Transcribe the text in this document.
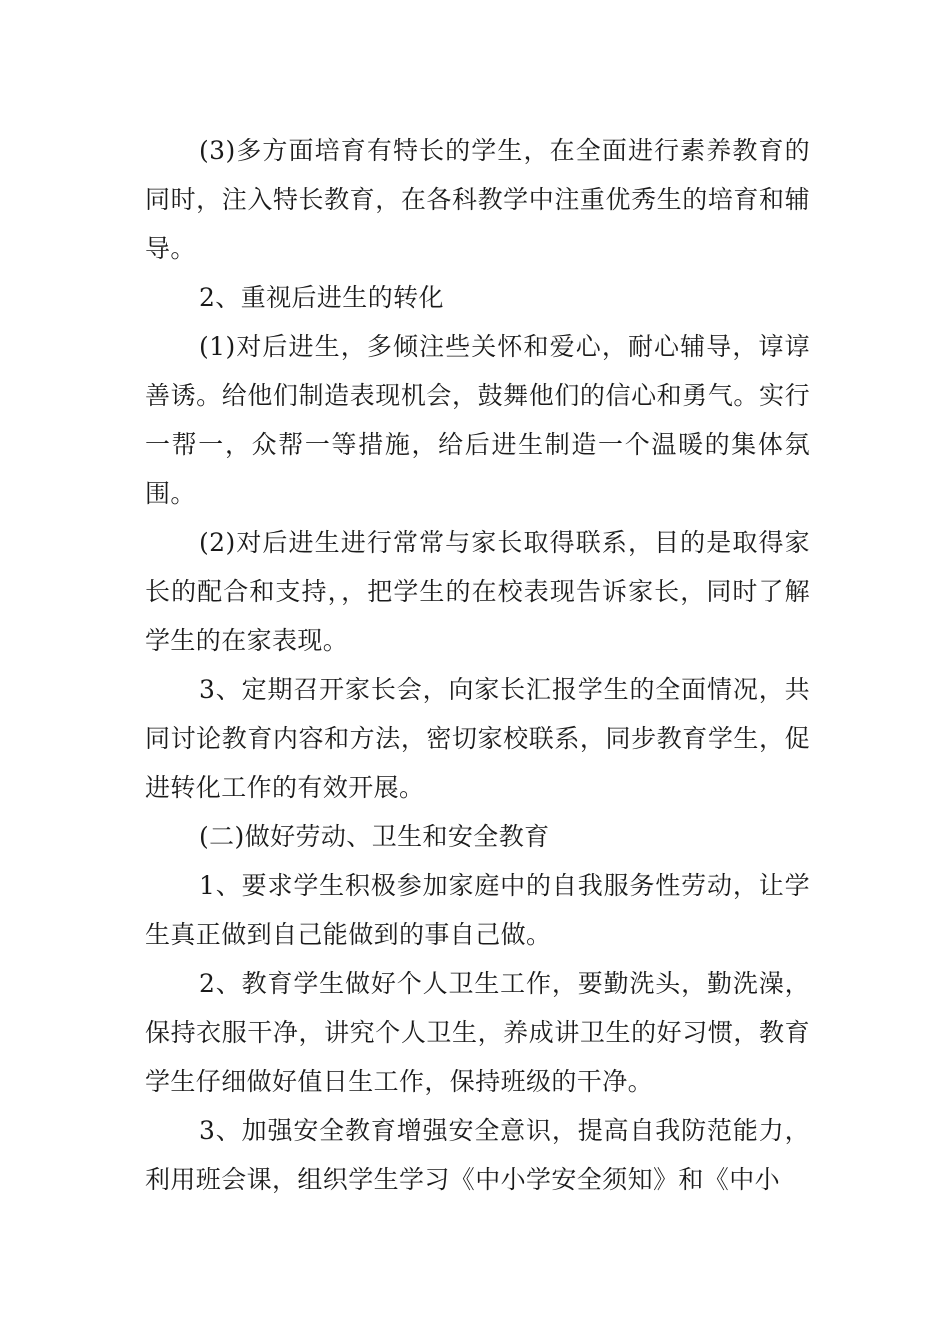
(3)多方面培育有特长的学生，在全面进行素养教育的同时，注入特长教育，在各科教学中注重优秀生的培育和辅导。

2、重视后进生的转化

(1)对后进生，多倾注些关怀和爱心，耐心辅导，谆谆善诱。给他们制造表现机会，鼓舞他们的信心和勇气。实行一帮一，众帮一等措施，给后进生制造一个温暖的集体氛围。

(2)对后进生进行常常与家长取得联系，目的是取得家长的配合和支持，，把学生的在校表现告诉家长，同时了解学生的在家表现。

3、定期召开家长会，向家长汇报学生的全面情况，共同讨论教育内容和方法，密切家校联系，同步教育学生，促进转化工作的有效开展。

(二)做好劳动、卫生和安全教育

1、要求学生积极参加家庭中的自我服务性劳动，让学生真正做到自己能做到的事自己做。

2、教育学生做好个人卫生工作，要勤洗头，勤洗澡，保持衣服干净，讲究个人卫生，养成讲卫生的好习惯，教育学生仔细做好值日生工作，保持班级的干净。

3、加强安全教育增强安全意识，提高自我防范能力，利用班会课，组织学生学习《中小学安全须知》和《中小
